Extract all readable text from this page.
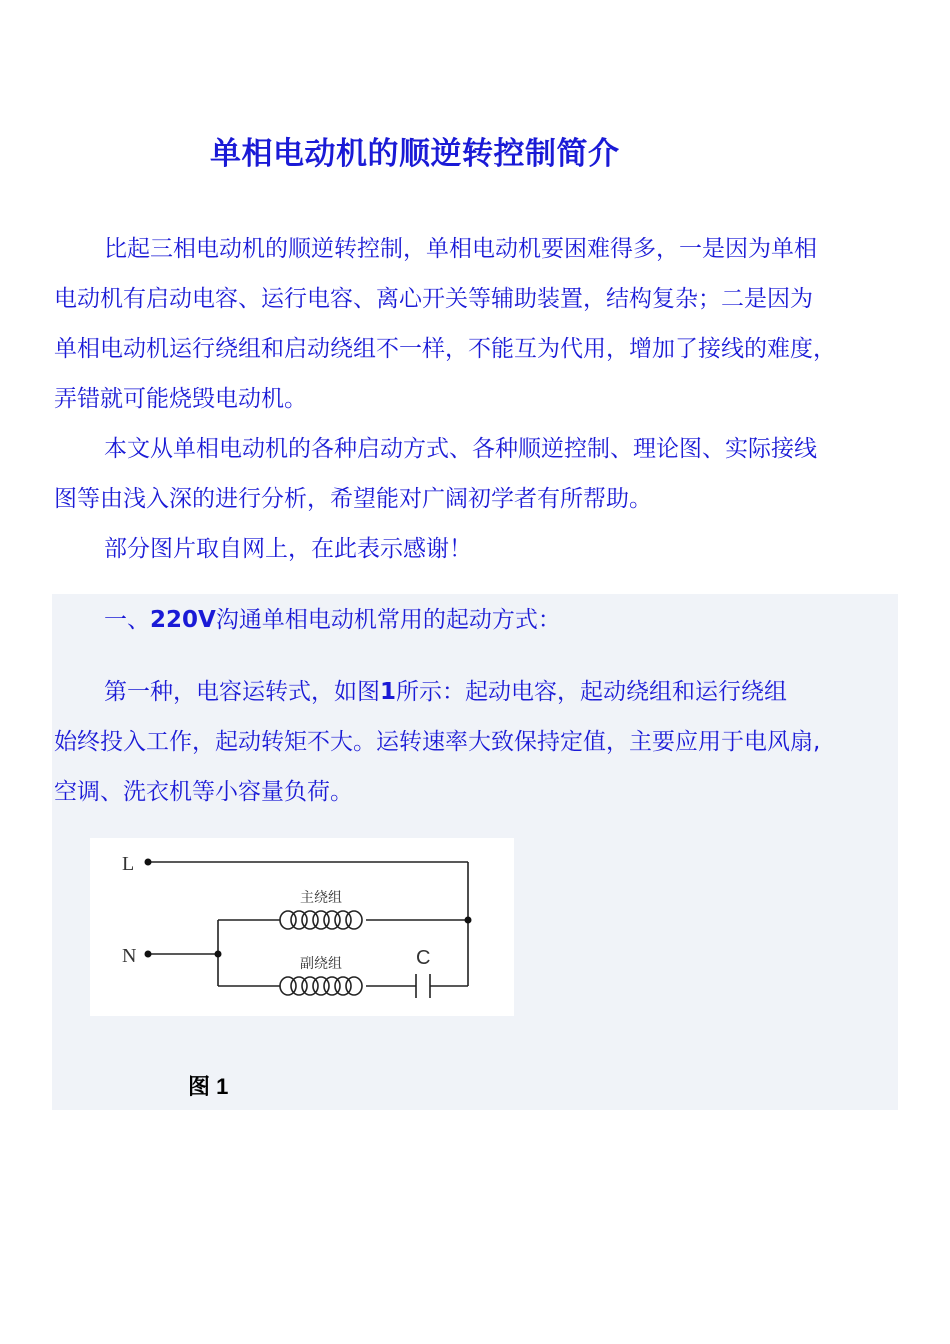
单相电动机的顺逆转控制简介
比起三相电动机的顺逆转控制，单相电动机要困难得多，一是因为单相
电动机有启动电容、运行电容、离心开关等辅助装置，结构复杂；二是因为
单相电动机运行绕组和启动绕组不一样，不能互为代用，增加了接线的难度，
弄错就可能烧毁电动机。
本文从单相电动机的各种启动方式、各种顺逆控制、理论图、实际接线
图等由浅入深的进行分析，希望能对广阔初学者有所帮助。
部分图片取自网上，在此表示感谢！
一、220V沟通单相电动机常用的起动方式：
第一种，电容运转式，如图1所示：起动电容，起动绕组和运行绕组
始终投入工作，起动转矩不大。运转速率大致保持定值，主要应用于电风扇,
空调、洗衣机等小容量负荷。
L
N
主绕组
副绕组	C
图 1
